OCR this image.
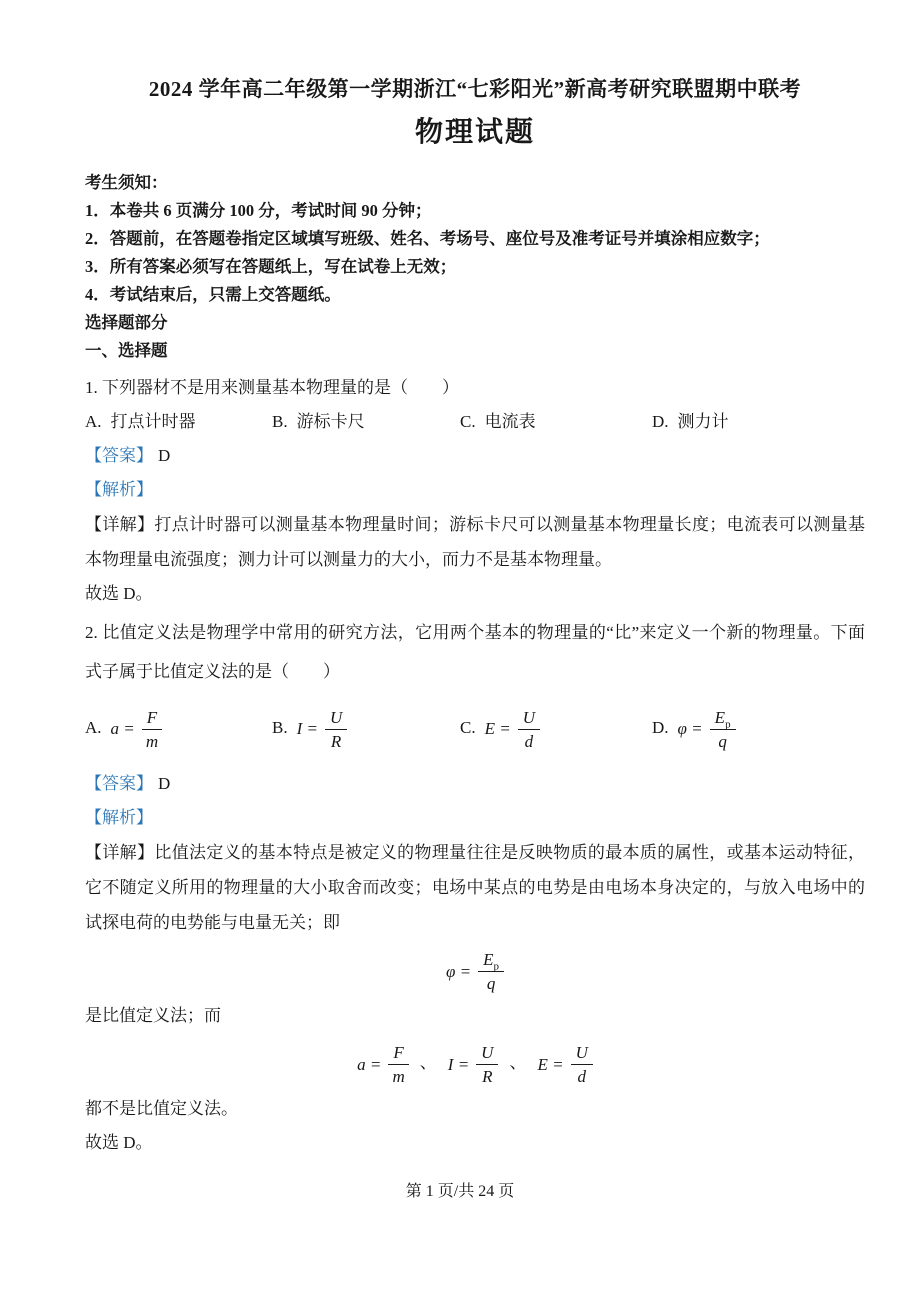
2024 学年高二年级第一学期浙江“七彩阳光”新高考研究联盟期中联考
物理试题

考生须知：

1．本卷共 6 页满分 100 分，考试时间 90 分钟；

2．答题前，在答题卷指定区域填写班级、姓名、考场号、座位号及准考证号并填涂相应数字；

3．所有答案必须写在答题纸上，写在试卷上无效；

4．考试结束后，只需上交答题纸。

选择题部分

一、选择题

1. 下列器材不是用来测量基本物理量的是（　　）

A. 打点计时器	B. 游标卡尺	C. 电流表	D. 测力计

【答案】 D

【解析】

【详解】打点计时器可以测量基本物理量时间；游标卡尺可以测量基本物理量长度；电流表可以测量基本物理量电流强度；测力计可以测量力的大小，而力不是基本物理量。

故选 D。

2. 比值定义法是物理学中常用的研究方法，它用两个基本的物理量的“比”来定义一个新的物理量。下面式子属于比值定义法的是（　　）

A. $a = \frac{F}{m}$	B. $I = \frac{U}{R}$	C. $E = \frac{U}{d}$	D. $\varphi = \frac{E_p}{q}$

【答案】 D

【解析】

【详解】比值法定义的基本特点是被定义的物理量往往是反映物质的最本质的属性，或基本运动特征，它不随定义所用的物理量的大小取舍而改变；电场中某点的电势是由电场本身决定的，与放入电场中的试探电荷的电势能与电量无关；即

$\varphi = \frac{E_p}{q}$

是比值定义法；而

$a = \frac{F}{m}$ 、 $I = \frac{U}{R}$ 、 $E = \frac{U}{d}$

都不是比值定义法。

故选 D。

第 1 页/共 24 页
